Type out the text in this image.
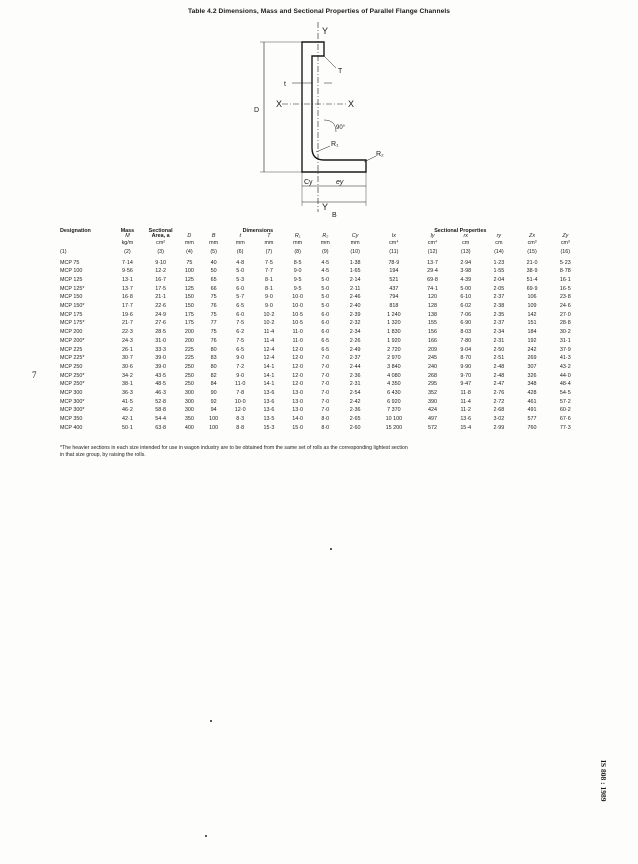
Table 4.2 Dimensions, Mass and Sectional Properties of Parallel Flange Channels
Y
Y
X	X
T
t
D
90°
R₁
R₂
Cy	ey
B
Designation	Mass	Sectional	Dimensions						Sectional Properties						
	M	Area, a	D	B	t	T	R₁	R₂	Cy	Ix	Iy	rx	ry	Zx	Zy
	kg/m	cm²	mm	mm	mm	mm	mm	mm	mm	cm⁴	cm⁴	cm	cm	cm³	cm³
(1)	(2)	(3)	(4)	(5)	(6)	(7)	(8)	(9)	(10)	(11)	(12)	(13)	(14)	(15)	(16)
MCP 75	7·14	9·10	75	40	4·8	7·5	8·5	4·5	1·38	78·9	13·7	2·94	1·23	21·0	5·23
MCP 100	9·56	12·2	100	50	5·0	7·7	9·0	4·5	1·65	194	29·4	3·98	1·55	38·9	8·78
MCP 125	13·1	16·7	125	65	5·3	8·1	9·5	5·0	2·14	521	69·8	4·39	2·04	51·4	16·1
MCP 125*	13·7	17·5	125	66	6·0	8·1	9·5	5·0	2·11	437	74·1	5·00	2·05	69·9	16·5
MCP 150	16·8	21·1	150	75	5·7	9·0	10·0	5·0	2·46	794	120	6·10	2·37	106	23·8
MCP 150*	17·7	22·6	150	76	6·5	9·0	10·0	5·0	2·40	818	128	6·02	2·38	109	24·6
MCP 175	19·6	24·9	175	75	6·0	10·2	10·5	6·0	2·39	1 240	138	7·06	2·35	142	27·0
MCP 175*	21·7	27·6	175	77	7·5	10·2	10·5	6·0	2·32	1 320	155	6·90	2·37	151	28·8
MCP 200	22·3	28·5	200	75	6·2	11·4	11·0	6·0	2·34	1 830	156	8·03	2·34	184	30·2
MCP 200*	24·3	31·0	200	76	7·5	11·4	11·0	6·5	2·26	1 920	166	7·80	2·31	192	31·1
MCP 225	26·1	33·3	225	80	6·5	12·4	12·0	6·5	2·49	2 720	209	9·04	2·50	242	37·9
MCP 225*	30·7	39·0	225	83	9·0	12·4	12·0	7·0	2·37	2 970	245	8·70	2·51	269	41·3
MCP 250	30·6	39·0	250	80	7·2	14·1	12·0	7·0	2·44	3 840	240	9·90	2·48	307	43·2
MCP 250*	34·2	43·5	250	82	9·0	14·1	12·0	7·0	2·36	4 080	268	9·70	2·48	326	44·0
MCP 250*	38·1	48·5	250	84	11·0	14·1	12·0	7·0	2·31	4 350	295	9·47	2·47	348	48·4
MCP 300	36·3	46·3	300	90	7·8	13·6	13·0	7·0	2·54	6 430	352	11·8	2·76	428	54·5
MCP 300*	41·5	52·8	300	92	10·0	13·6	13·0	7·0	2·42	6 920	390	11·4	2·72	461	57·2
MCP 300*	46·2	58·8	300	94	12·0	13·6	13·0	7·0	2·36	7 370	424	11·2	2·68	491	60·2
MCP 350	42·1	54·4	350	100	8·3	13·5	14·0	8·0	2·65	10 100	497	13·6	3·02	577	67·6
MCP 400	50·1	63·8	400	100	8·8	15·3	15·0	8·0	2·60	15 200	572	15·4	2·99	760	77·3
*The heavier sections in each size intended for use in wagon industry are to be obtained from the same set of rolls as the corresponding lightest section
in that size group, by raising the rolls.
7
IS 808 : 1989
